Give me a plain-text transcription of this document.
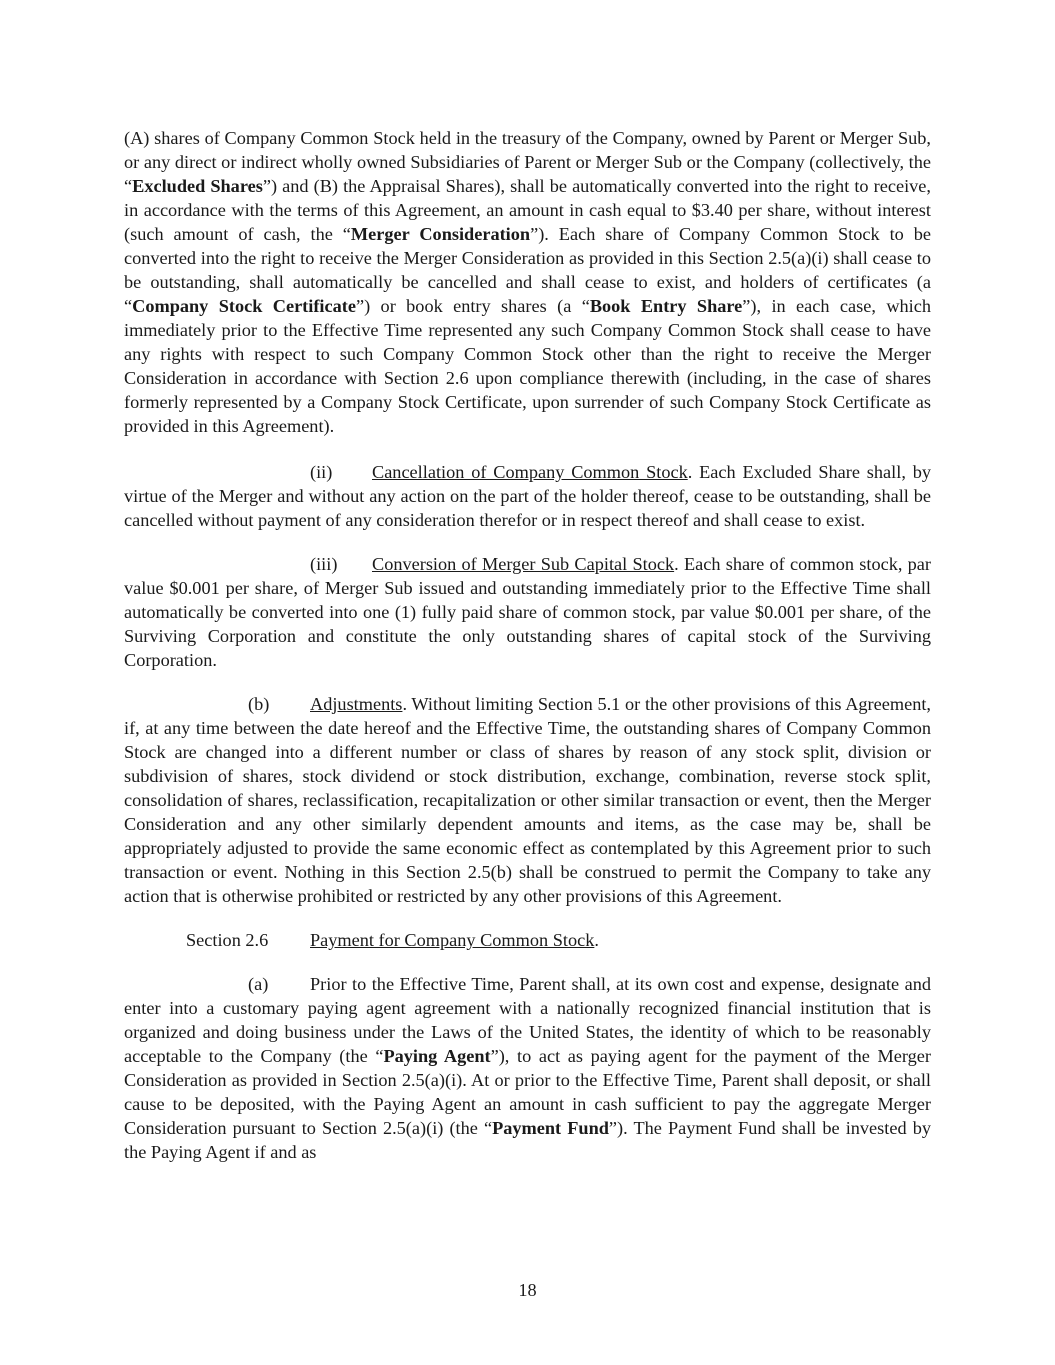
(A) shares of Company Common Stock held in the treasury of the Company, owned by Parent or Merger Sub, or any direct or indirect wholly owned Subsidiaries of Parent or Merger Sub or the Company (collectively, the “Excluded Shares”) and (B) the Appraisal Shares), shall be automatically converted into the right to receive, in accordance with the terms of this Agreement, an amount in cash equal to $3.40 per share, without interest (such amount of cash, the “Merger Consideration”). Each share of Company Common Stock to be converted into the right to receive the Merger Consideration as provided in this Section 2.5(a)(i) shall cease to be outstanding, shall automatically be cancelled and shall cease to exist, and holders of certificates (a “Company Stock Certificate”) or book entry shares (a “Book Entry Share”), in each case, which immediately prior to the Effective Time represented any such Company Common Stock shall cease to have any rights with respect to such Company Common Stock other than the right to receive the Merger Consideration in accordance with Section 2.6 upon compliance therewith (including, in the case of shares formerly represented by a Company Stock Certificate, upon surrender of such Company Stock Certificate as provided in this Agreement).

(ii) Cancellation of Company Common Stock. Each Excluded Share shall, by virtue of the Merger and without any action on the part of the holder thereof, cease to be outstanding, shall be cancelled without payment of any consideration therefor or in respect thereof and shall cease to exist.

(iii) Conversion of Merger Sub Capital Stock. Each share of common stock, par value $0.001 per share, of Merger Sub issued and outstanding immediately prior to the Effective Time shall automatically be converted into one (1) fully paid share of common stock, par value $0.001 per share, of the Surviving Corporation and constitute the only outstanding shares of capital stock of the Surviving Corporation.

(b) Adjustments. Without limiting Section 5.1 or the other provisions of this Agreement, if, at any time between the date hereof and the Effective Time, the outstanding shares of Company Common Stock are changed into a different number or class of shares by reason of any stock split, division or subdivision of shares, stock dividend or stock distribution, exchange, combination, reverse stock split, consolidation of shares, reclassification, recapitalization or other similar transaction or event, then the Merger Consideration and any other similarly dependent amounts and items, as the case may be, shall be appropriately adjusted to provide the same economic effect as contemplated by this Agreement prior to such transaction or event. Nothing in this Section 2.5(b) shall be construed to permit the Company to take any action that is otherwise prohibited or restricted by any other provisions of this Agreement.

Section 2.6 Payment for Company Common Stock.

(a) Prior to the Effective Time, Parent shall, at its own cost and expense, designate and enter into a customary paying agent agreement with a nationally recognized financial institution that is organized and doing business under the Laws of the United States, the identity of which to be reasonably acceptable to the Company (the “Paying Agent”), to act as paying agent for the payment of the Merger Consideration as provided in Section 2.5(a)(i). At or prior to the Effective Time, Parent shall deposit, or shall cause to be deposited, with the Paying Agent an amount in cash sufficient to pay the aggregate Merger Consideration pursuant to Section 2.5(a)(i) (the “Payment Fund”). The Payment Fund shall be invested by the Paying Agent if and as

18
